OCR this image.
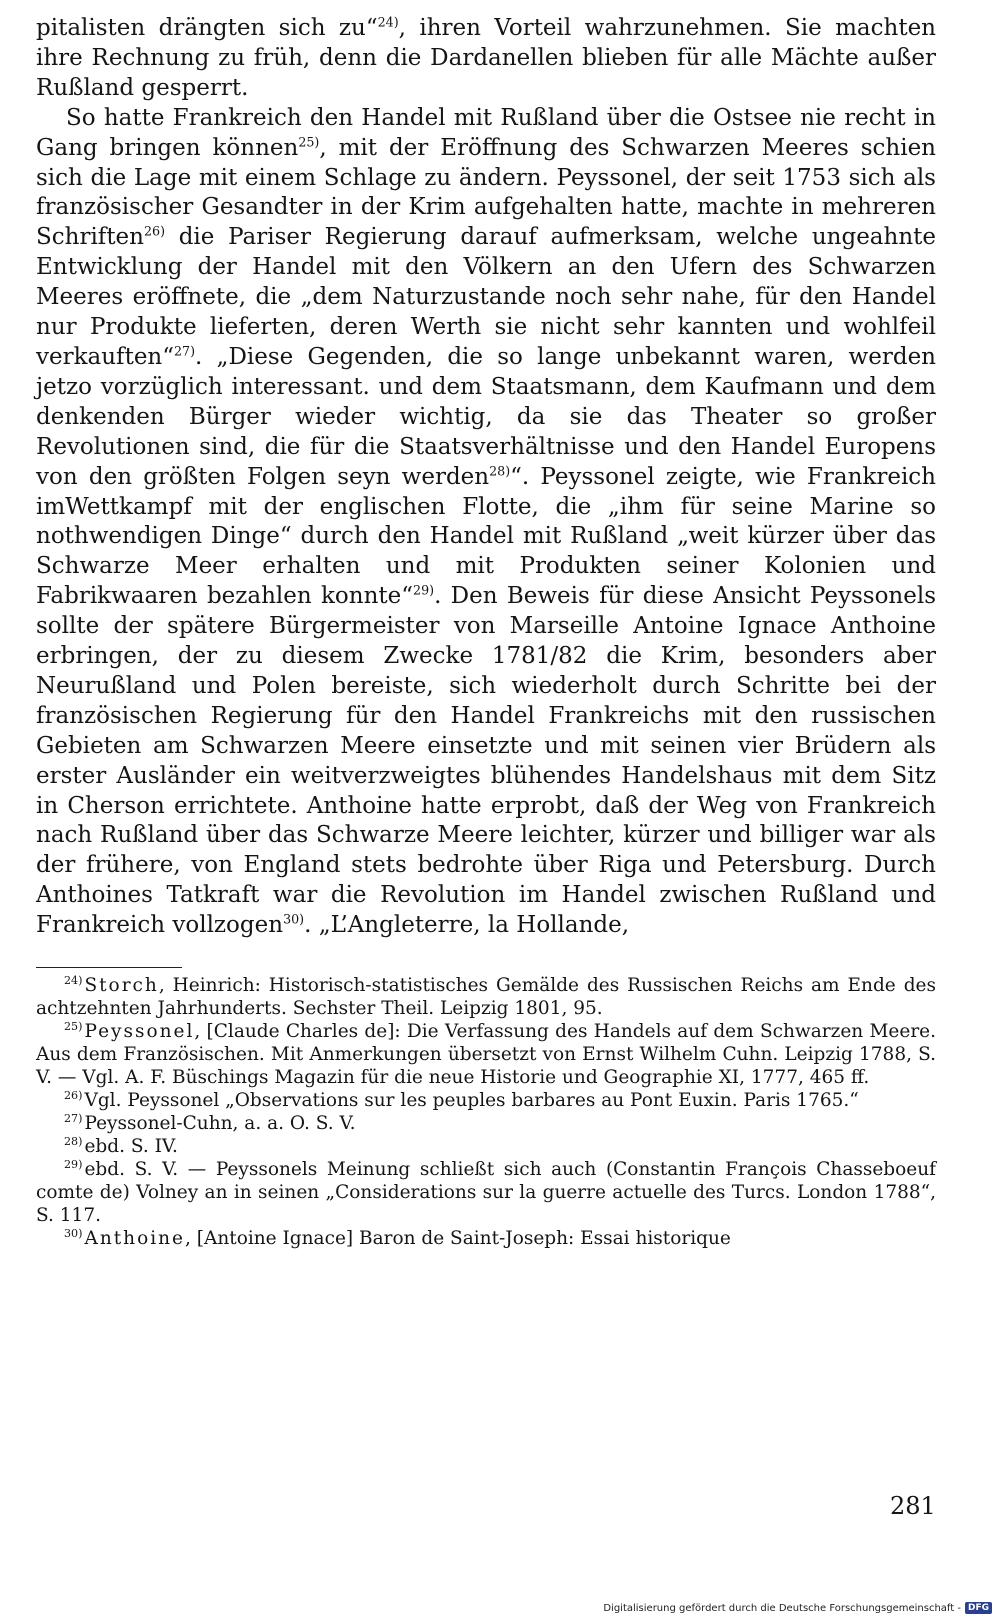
pitalisten drängten sich zu“$^{24)}$, ihren Vorteil wahrzunehmen. Sie machten ihre Rechnung zu früh, denn die Dardanellen blieben für alle Mächte außer Rußland gesperrt.

So hatte Frankreich den Handel mit Rußland über die Ostsee nie recht in Gang bringen können$^{25)}$, mit der Eröffnung des Schwarzen Meeres schien sich die Lage mit einem Schlage zu ändern. Peyssonel, der seit 1753 sich als französischer Gesandter in der Krim aufgehalten hatte, machte in mehreren Schriften$^{26)}$ die Pariser Regierung darauf aufmerksam, welche ungeahnte Entwicklung der Handel mit den Völkern an den Ufern des Schwarzen Meeres eröffnete, die „dem Naturzustande noch sehr nahe, für den Handel nur Produkte lieferten, deren Werth sie nicht sehr kannten und wohlfeil verkauften“$^{27)}$. „Diese Gegenden, die so lange unbekannt waren, werden jetzo vorzüglich interessant. und dem Staatsmann, dem Kaufmann und dem denkenden Bürger wieder wichtig, da sie das Theater so großer Revolutionen sind, die für die Staatsverhältnisse und den Handel Europens von den größten Folgen seyn werden$^{28)}$“. Peyssonel zeigte, wie Frankreich imWettkampf mit der englischen Flotte, die „ihm für seine Marine so nothwendigen Dinge“ durch den Handel mit Rußland „weit kürzer über das Schwarze Meer erhalten und mit Produkten seiner Kolonien und Fabrikwaaren bezahlen konnte“$^{29)}$. Den Beweis für diese Ansicht Peyssonels sollte der spätere Bürgermeister von Marseille Antoine Ignace Anthoine erbringen, der zu diesem Zwecke 1781/82 die Krim, besonders aber Neurußland und Polen bereiste, sich wiederholt durch Schritte bei der französischen Regierung für den Handel Frankreichs mit den russischen Gebieten am Schwarzen Meere einsetzte und mit seinen vier Brüdern als erster Ausländer ein weitverzweigtes blühendes Handelshaus mit dem Sitz in Cherson errichtete. Anthoine hatte erprobt, daß der Weg von Frankreich nach Rußland über das Schwarze Meere leichter, kürzer und billiger war als der frühere, von England stets bedrohte über Riga und Petersburg. Durch Anthoines Tatkraft war die Revolution im Handel zwischen Rußland und Frankreich vollzogen$^{30)}$. „L’Angleterre, la Hollande,

$^{24)}$ Storch, Heinrich: Historisch-statistisches Gemälde des Russischen Reichs am Ende des achtzehnten Jahrhunderts. Sechster Theil. Leipzig 1801, 95.

$^{25)}$ Peyssonel, [Claude Charles de]: Die Verfassung des Handels auf dem Schwarzen Meere. Aus dem Französischen. Mit Anmerkungen übersetzt von Ernst Wilhelm Cuhn. Leipzig 1788, S. V. — Vgl. A. F. Büschings Magazin für die neue Historie und Geographie XI, 1777, 465 ff.

$^{26)}$ Vgl. Peyssonel „Observations sur les peuples barbares au Pont Euxin. Paris 1765.“

$^{27)}$ Peyssonel-Cuhn, a. a. O. S. V.

$^{28)}$ ebd. S. IV.

$^{29)}$ ebd. S. V. — Peyssonels Meinung schließt sich auch (Constantin François Chasseboeuf comte de) Volney an in seinen „Considerations sur la guerre actuelle des Turcs. London 1788“, S. 117.

$^{30)}$ Anthoine, [Antoine Ignace] Baron de Saint-Joseph: Essai historique

281
Digitalisierung gefördert durch die Deutsche Forschungsgemeinschaft - DFG
